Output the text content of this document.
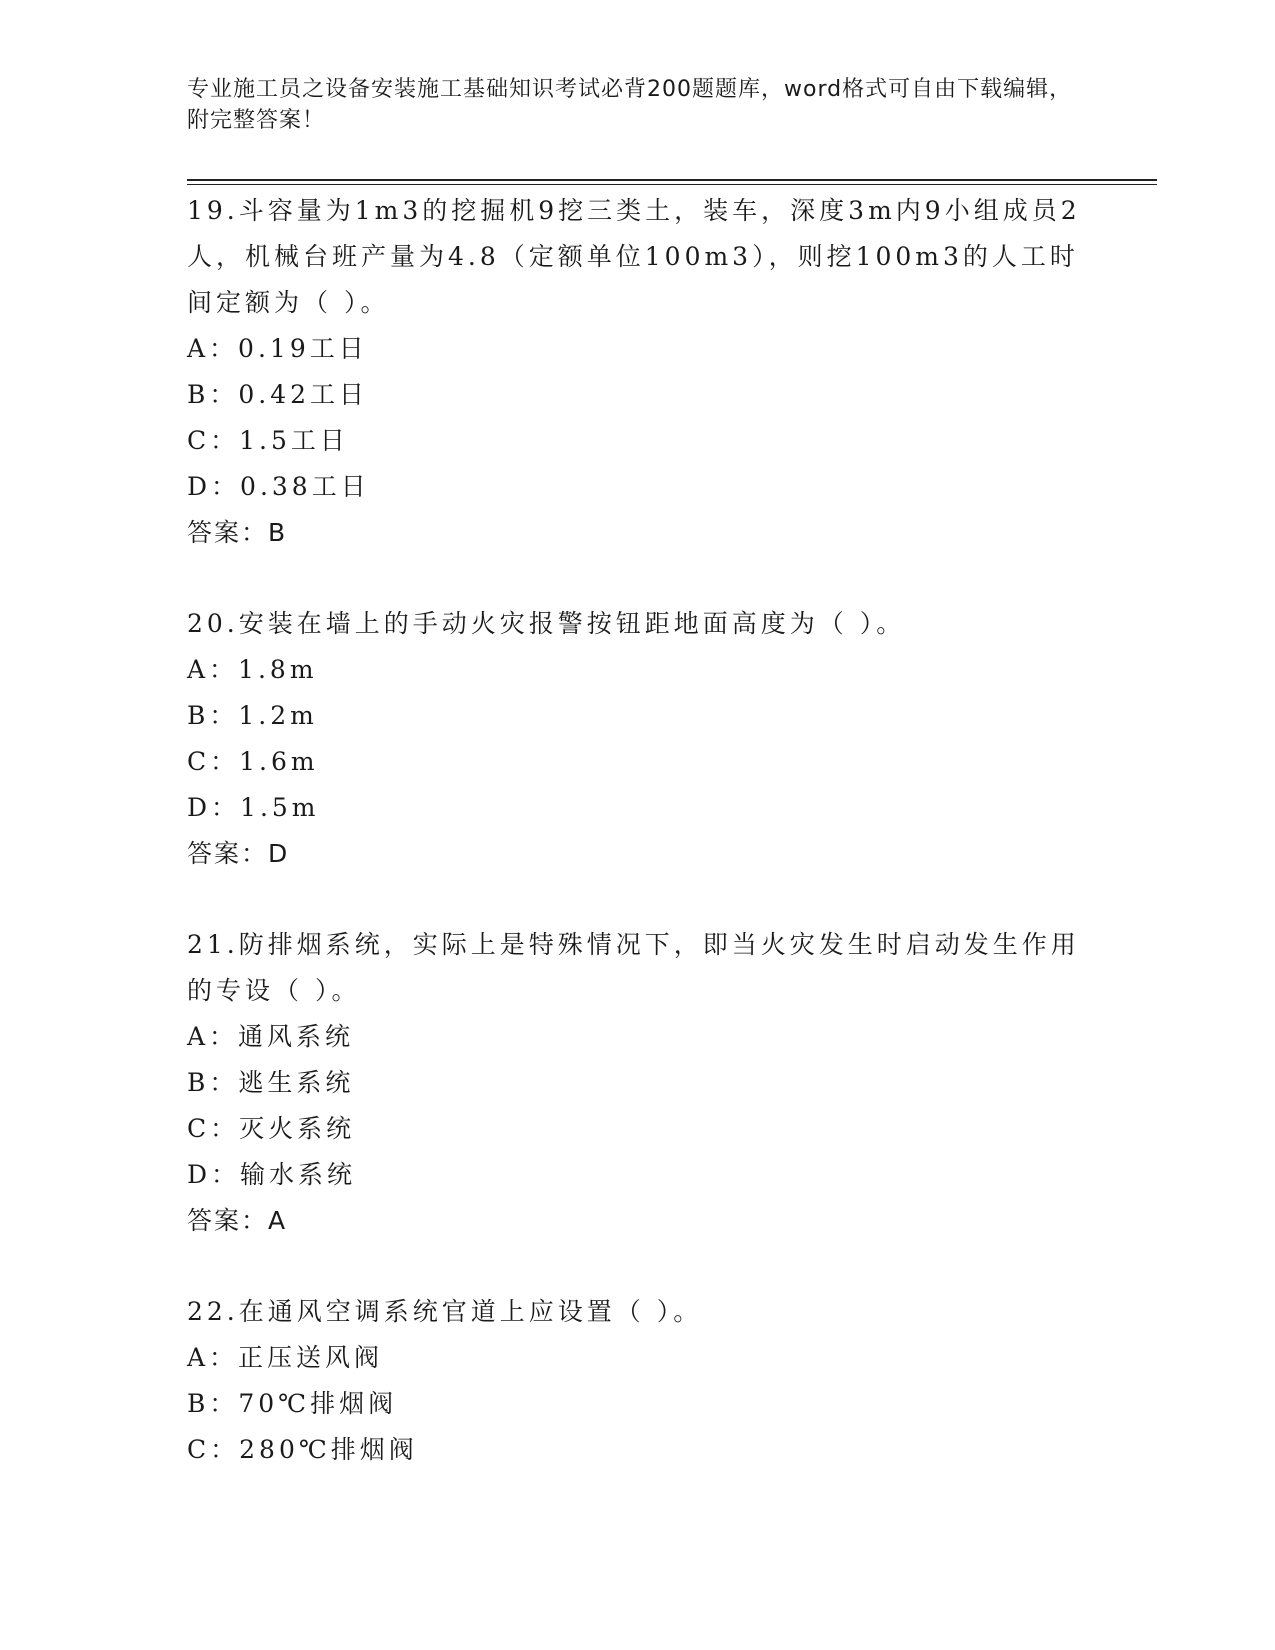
专业施工员之设备安装施工基础知识考试必背200题题库，word格式可自由下载编辑，附完整答案！
19.斗容量为1m3的挖掘机9挖三类土，装车，深度3m内9小组成员2人，机械台班产量为4.8（定额单位100m3），则挖100m3的人工时间定额为（ ）。
A：0.19工日
B：0.42工日
C：1.5工日
D：0.38工日
答案：B
20.安装在墙上的手动火灾报警按钮距地面高度为（ ）。
A：1.8m
B：1.2m
C：1.6m
D：1.5m
答案：D
21.防排烟系统，实际上是特殊情况下，即当火灾发生时启动发生作用的专设（ ）。
A：通风系统
B：逃生系统
C：灭火系统
D：输水系统
答案：A
22.在通风空调系统官道上应设置（ ）。
A：正压送风阀
B：70℃排烟阀
C：280℃排烟阀
